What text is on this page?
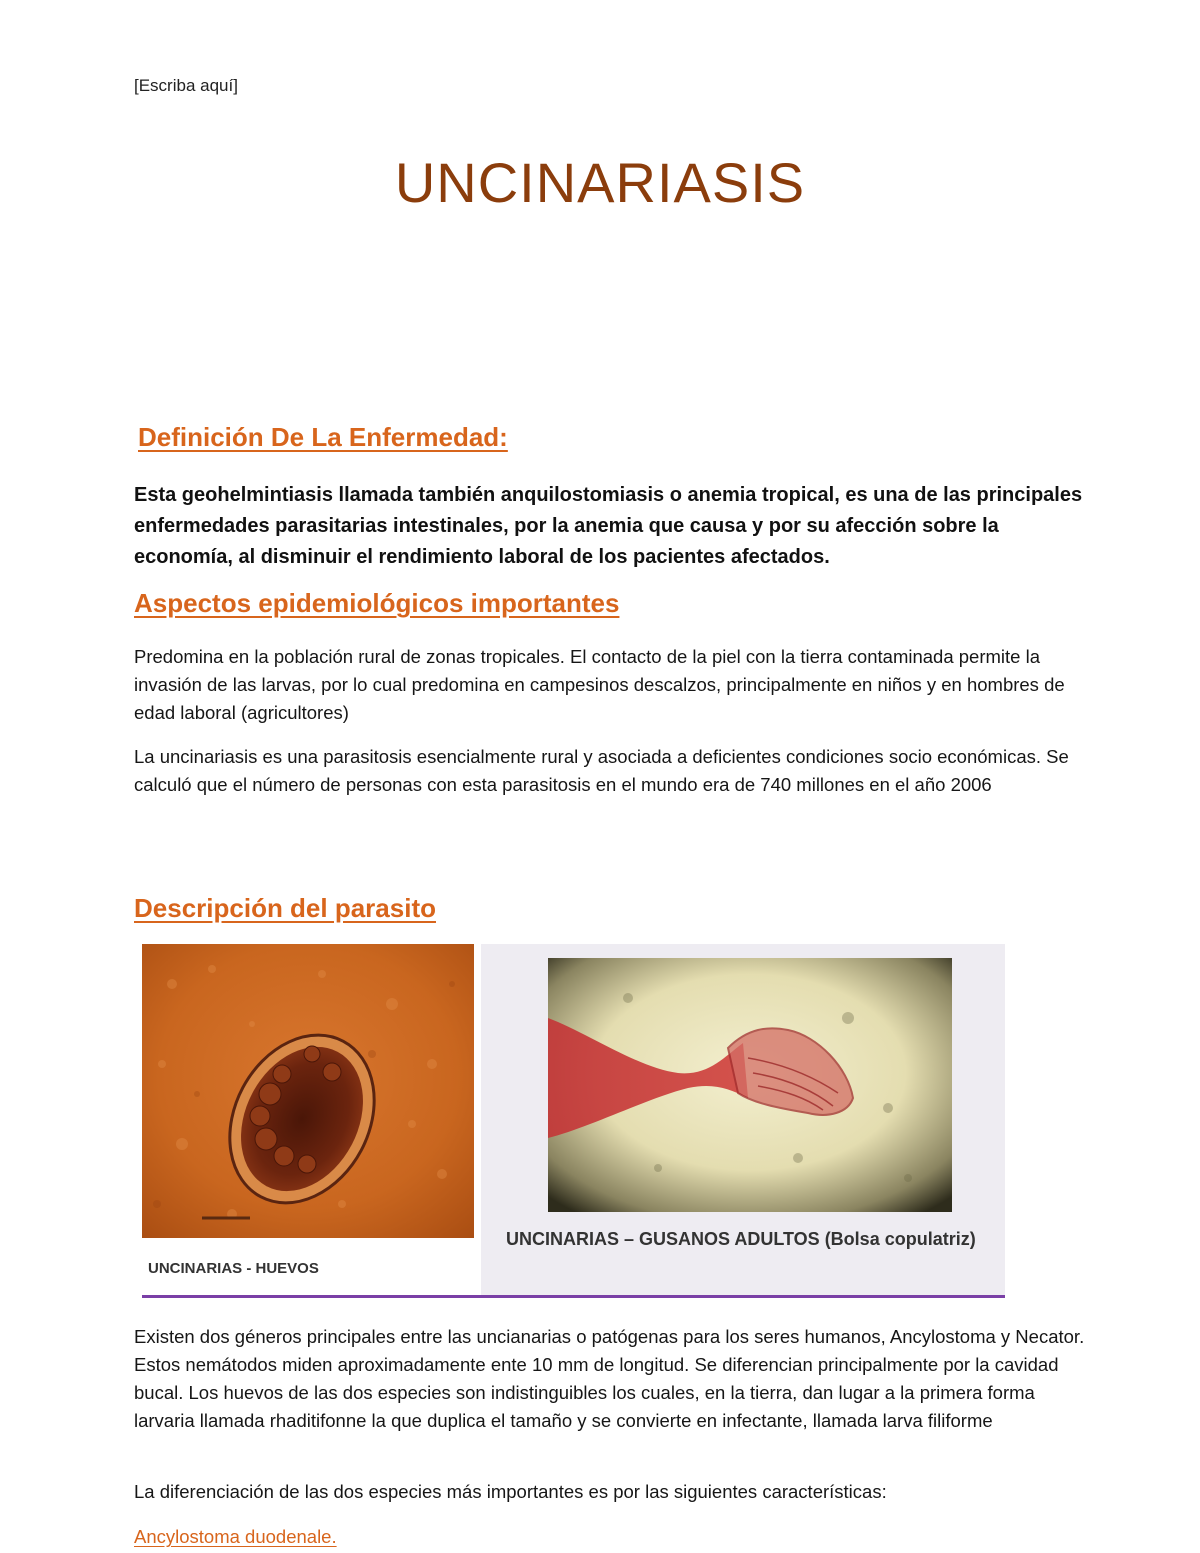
[Escriba aquí]
UNCINARIASIS
Definición De La Enfermedad:
Esta geohelmintiasis llamada también anquilostomiasis o anemia tropical, es una de las principales enfermedades parasitarias intestinales, por la anemia que causa y por su afección sobre la economía, al disminuir el rendimiento laboral de los pacientes afectados.
Aspectos epidemiológicos importantes
Predomina en la población rural de zonas tropicales. El contacto de la piel con la tierra contaminada permite la invasión de las larvas, por lo cual predomina en campesinos descalzos, principalmente en niños y en hombres de edad laboral (agricultores)
La uncinariasis es una parasitosis esencialmente rural y asociada a deficientes condiciones socio económicas. Se calculó que el número de personas con esta parasitosis en el mundo era de 740 millones en el año 2006
Descripción del parasito
UNCINARIAS - HUEVOS
UNCINARIAS – GUSANOS ADULTOS (Bolsa copulatriz)
Existen dos géneros principales entre las uncianarias o patógenas para los seres humanos, Ancylostoma y Necator. Estos nemátodos miden aproximadamente ente 10 mm de longitud. Se diferencian principalmente por la cavidad bucal. Los huevos de las dos especies son indistinguibles los cuales, en la tierra, dan lugar a la primera forma larvaria llamada rhaditifonne la que duplica el tamaño y se convierte en infectante, llamada larva filiforme
La diferenciación de las dos especies más importantes es por las siguientes características:
Ancylostoma duodenale.
